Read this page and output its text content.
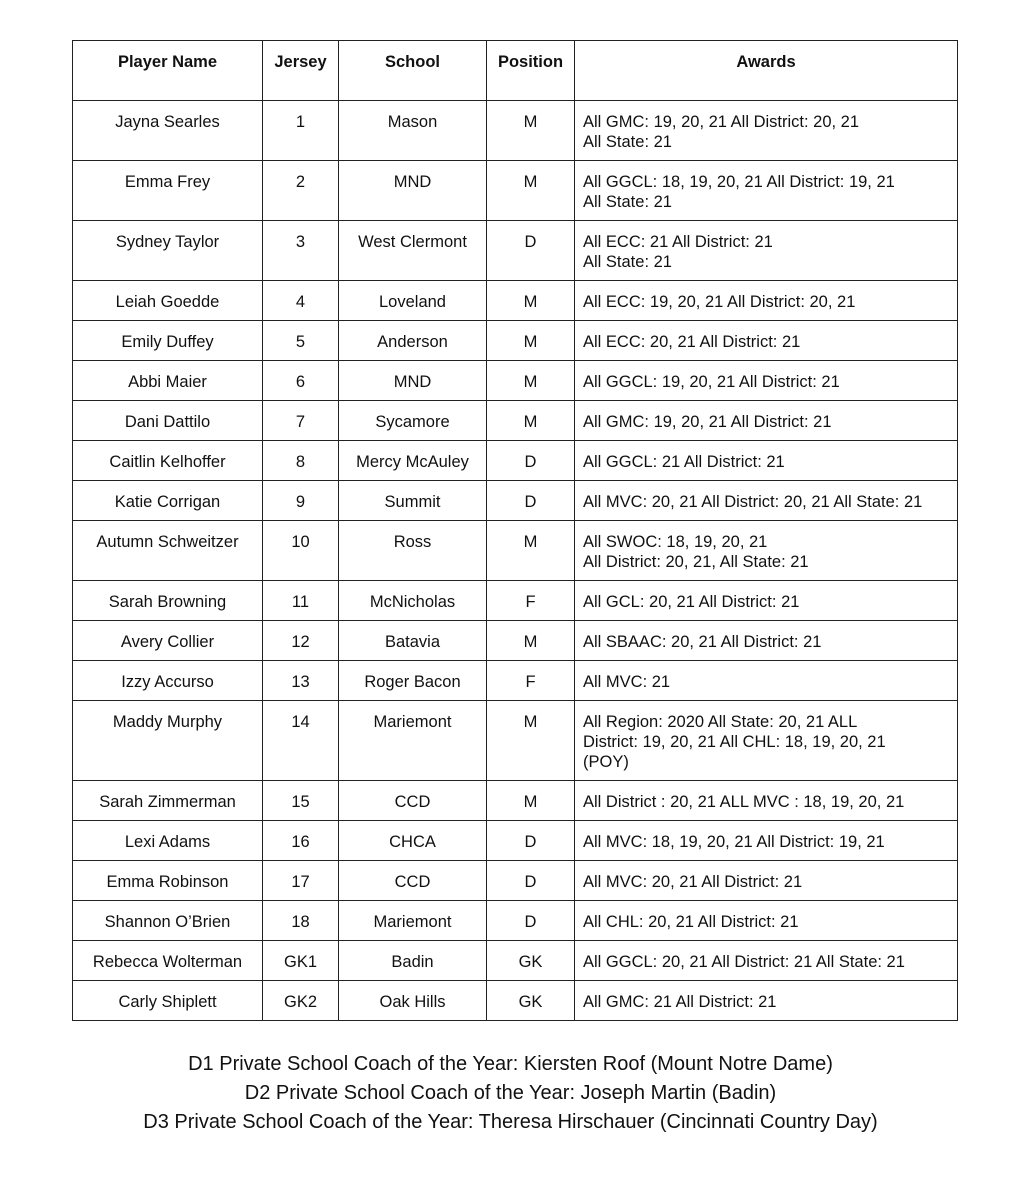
Player Name	Jersey	School	Position	Awards
Jayna Searles	1	Mason	M	All GMC: 19, 20, 21 All District: 20, 21
All State: 21
Emma Frey	2	MND	M	All GGCL: 18, 19, 20, 21 All District: 19, 21
All State: 21
Sydney Taylor	3	West Clermont	D	All ECC: 21 All District: 21
All State: 21
Leiah Goedde	4	Loveland	M	All ECC: 19, 20, 21 All District: 20, 21
Emily Duffey	5	Anderson	M	All ECC: 20, 21 All District: 21
Abbi Maier	6	MND	M	All GGCL: 19, 20, 21 All District: 21
Dani Dattilo	7	Sycamore	M	All GMC: 19, 20, 21 All District: 21
Caitlin Kelhoffer	8	Mercy McAuley	D	All GGCL: 21 All District: 21
Katie Corrigan	9	Summit	D	All MVC: 20, 21 All District: 20, 21 All State: 21
Autumn Schweitzer	10	Ross	M	All SWOC: 18, 19, 20, 21
All District: 20, 21, All State: 21
Sarah Browning	11	McNicholas	F	All GCL: 20, 21 All District: 21
Avery Collier	12	Batavia	M	All SBAAC: 20, 21 All District: 21
Izzy Accurso	13	Roger Bacon	F	All MVC: 21
Maddy Murphy	14	Mariemont	M	All Region: 2020 All State: 20, 21 ALL
District: 19, 20, 21 All CHL: 18, 19, 20, 21
(POY)
Sarah Zimmerman	15	CCD	M	All District : 20, 21 ALL MVC : 18, 19, 20, 21
Lexi Adams	16	CHCA	D	All MVC: 18, 19, 20, 21 All District: 19, 21
Emma Robinson	17	CCD	D	All MVC: 20, 21 All District: 21
Shannon O’Brien	18	Mariemont	D	All CHL: 20, 21 All District: 21
Rebecca Wolterman	GK1	Badin	GK	All GGCL: 20, 21 All District: 21 All State: 21
Carly Shiplett	GK2	Oak Hills	GK	All GMC: 21 All District: 21
D1 Private School Coach of the Year: Kiersten Roof (Mount Notre Dame)
D2 Private School Coach of the Year: Joseph Martin (Badin)
D3 Private School Coach of the Year: Theresa Hirschauer (Cincinnati Country Day)
